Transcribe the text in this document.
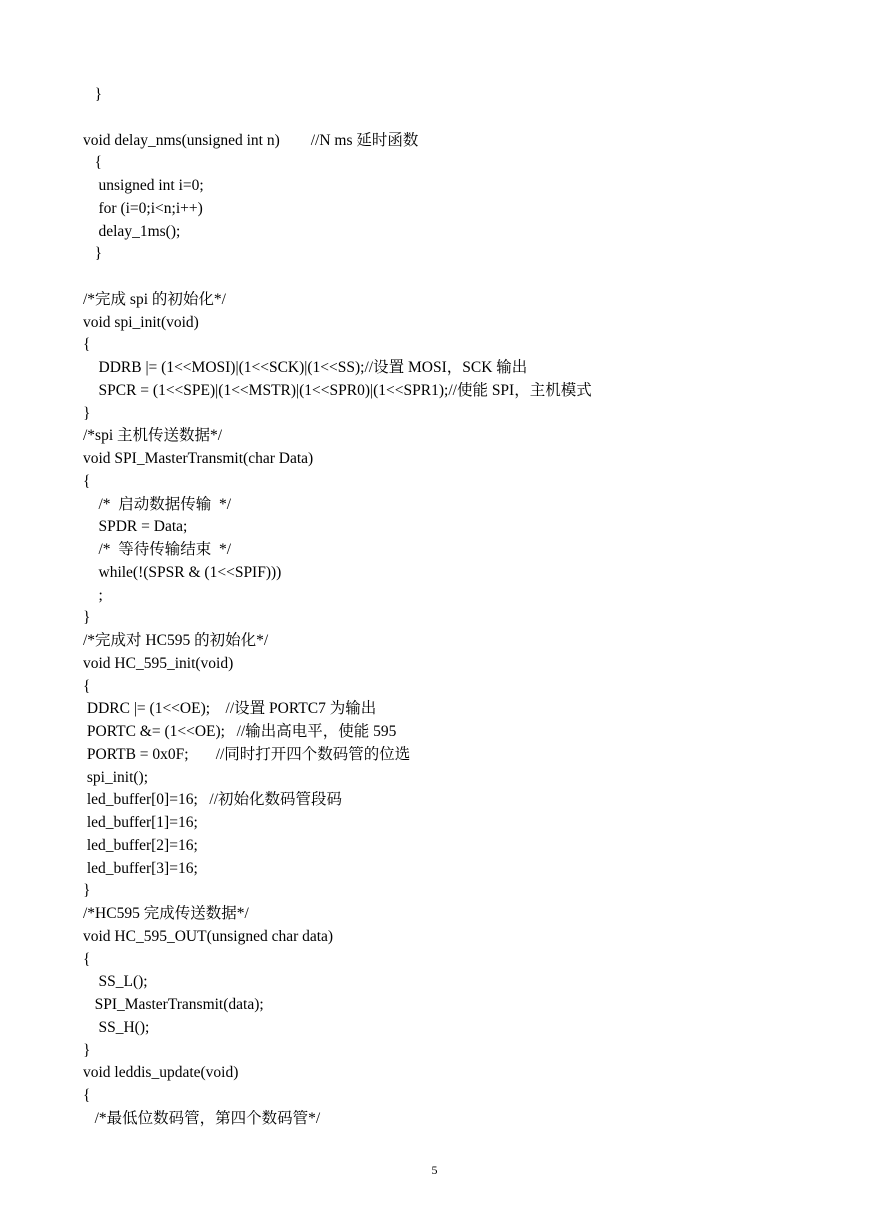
}
void delay_nms(unsigned int n)        //N ms 延时函数
{
unsigned int i=0;
for (i=0;i<n;i++)
delay_1ms();
}
/*完成 spi 的初始化*/
void spi_init(void)
{
DDRB |= (1<<MOSI)|(1<<SCK)|(1<<SS);//设置 MOSI，SCK 输出
SPCR = (1<<SPE)|(1<<MSTR)|(1<<SPR0)|(1<<SPR1);//使能 SPI，主机模式
}
/*spi 主机传送数据*/
void SPI_MasterTransmit(char Data)
{
/*  启动数据传输  */
SPDR = Data;
/*  等待传输结束  */
while(!(SPSR & (1<<SPIF)))
;
}
/*完成对 HC595 的初始化*/
void HC_595_init(void)
{
DDRC |= (1<<OE);    //设置 PORTC7 为输出
PORTC &= (1<<OE);   //输出高电平，使能 595
PORTB = 0x0F;       //同时打开四个数码管的位选
spi_init();
led_buffer[0]=16;   //初始化数码管段码
led_buffer[1]=16;
led_buffer[2]=16;
led_buffer[3]=16;
}
/*HC595 完成传送数据*/
void HC_595_OUT(unsigned char data)
{
SS_L();
SPI_MasterTransmit(data);
SS_H();
}
void leddis_update(void)
{
/*最低位数码管，第四个数码管*/
5
